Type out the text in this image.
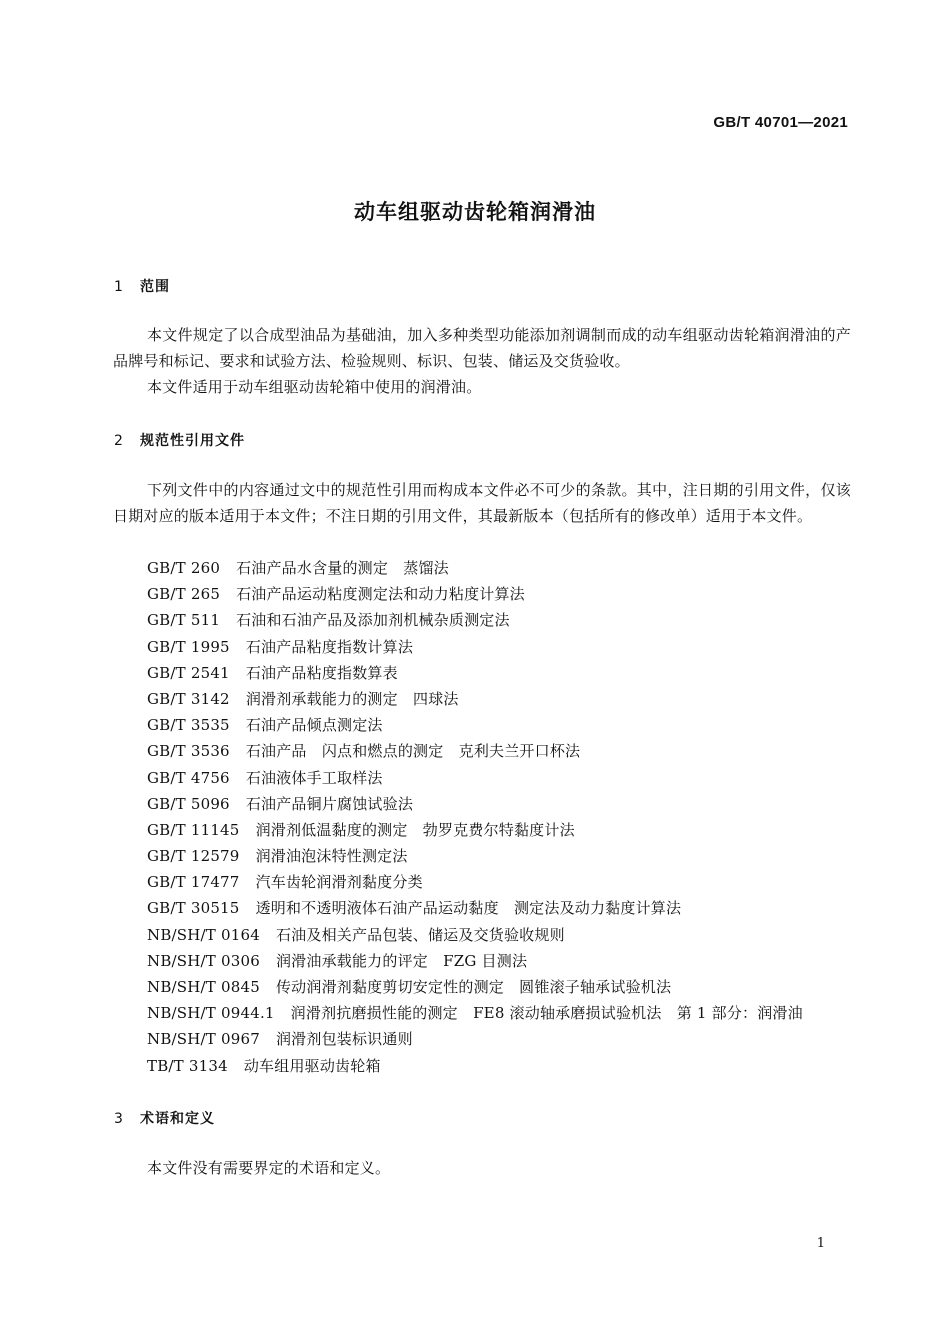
GB/T 40701—2021
动车组驱动齿轮箱润滑油
1 范围

本文件规定了以合成型油品为基础油，加入多种类型功能添加剂调制而成的动车组驱动齿轮箱润滑油的产品牌号和标记、要求和试验方法、检验规则、标识、包装、储运及交货验收。

本文件适用于动车组驱动齿轮箱中使用的润滑油。

2 规范性引用文件

下列文件中的内容通过文中的规范性引用而构成本文件必不可少的条款。其中，注日期的引用文件，仅该日期对应的版本适用于本文件；不注日期的引用文件，其最新版本（包括所有的修改单）适用于本文件。

GB/T 260 石油产品水含量的测定　蒸馏法
GB/T 265 石油产品运动粘度测定法和动力粘度计算法
GB/T 511 石油和石油产品及添加剂机械杂质测定法
GB/T 1995 石油产品粘度指数计算法
GB/T 2541 石油产品粘度指数算表
GB/T 3142 润滑剂承载能力的测定　四球法
GB/T 3535 石油产品倾点测定法
GB/T 3536 石油产品　闪点和燃点的测定　克利夫兰开口杯法
GB/T 4756 石油液体手工取样法
GB/T 5096 石油产品铜片腐蚀试验法
GB/T 11145 润滑剂低温黏度的测定　勃罗克费尔特黏度计法
GB/T 12579 润滑油泡沫特性测定法
GB/T 17477 汽车齿轮润滑剂黏度分类
GB/T 30515 透明和不透明液体石油产品运动黏度　测定法及动力黏度计算法
NB/SH/T 0164 石油及相关产品包装、储运及交货验收规则
NB/SH/T 0306 润滑油承载能力的评定　FZG 目测法
NB/SH/T 0845 传动润滑剂黏度剪切安定性的测定　圆锥滚子轴承试验机法
NB/SH/T 0944.1 润滑剂抗磨损性能的测定　FE8 滚动轴承磨损试验机法　第 1 部分：润滑油
NB/SH/T 0967 润滑剂包装标识通则
TB/T 3134 动车组用驱动齿轮箱
3 术语和定义

本文件没有需要界定的术语和定义。

1
